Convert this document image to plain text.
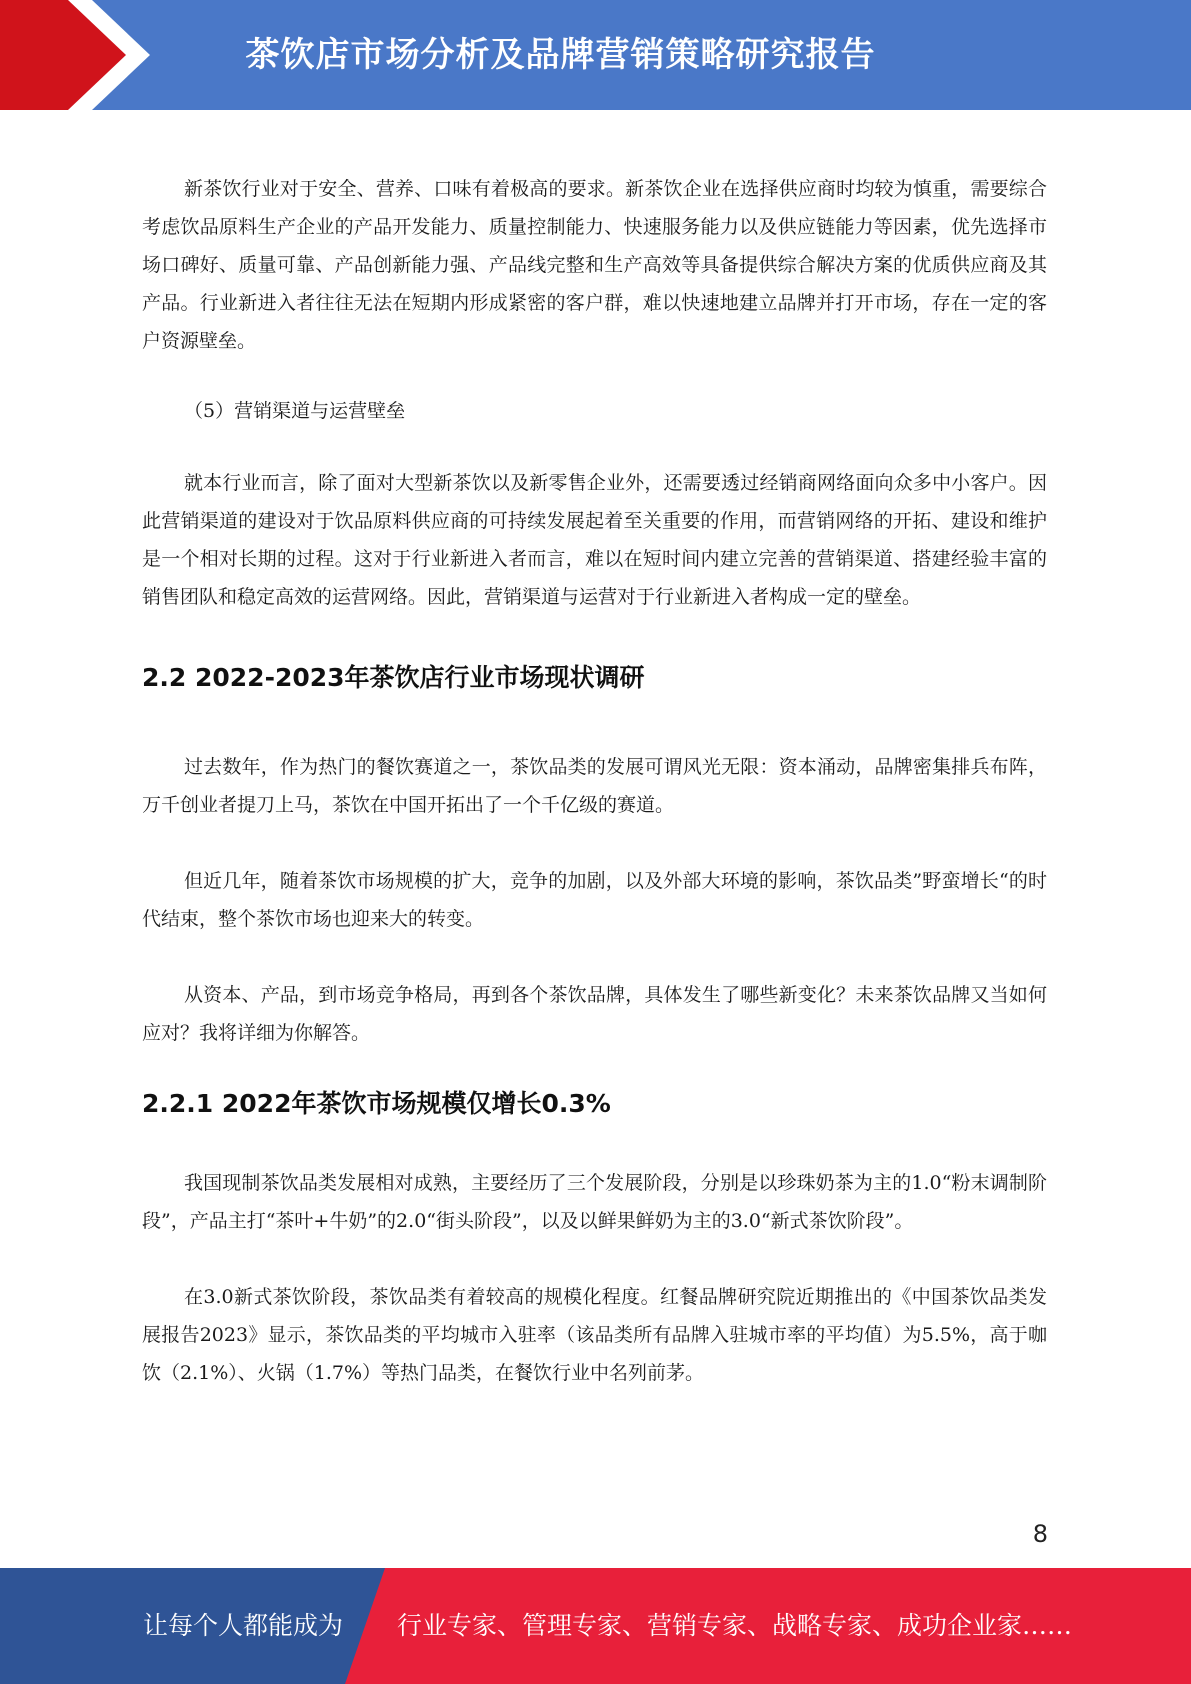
茶饮店市场分析及品牌营销策略研究报告

新茶饮行业对于安全、营养、口味有着极高的要求。新茶饮企业在选择供应商时均较为慎重，需要综合考虑饮品原料生产企业的产品开发能力、质量控制能力、快速服务能力以及供应链能力等因素，优先选择市场口碑好、质量可靠、产品创新能力强、产品线完整和生产高效等具备提供综合解决方案的优质供应商及其产品。行业新进入者往往无法在短期内形成紧密的客户群，难以快速地建立品牌并打开市场，存在一定的客户资源壁垒。

（5）营销渠道与运营壁垒

就本行业而言，除了面对大型新茶饮以及新零售企业外，还需要透过经销商网络面向众多中小客户。因此营销渠道的建设对于饮品原料供应商的可持续发展起着至关重要的作用，而营销网络的开拓、建设和维护是一个相对长期的过程。这对于行业新进入者而言，难以在短时间内建立完善的营销渠道、搭建经验丰富的销售团队和稳定高效的运营网络。因此，营销渠道与运营对于行业新进入者构成一定的壁垒。

2.2 2022-2023年茶饮店行业市场现状调研

过去数年，作为热门的餐饮赛道之一，茶饮品类的发展可谓风光无限：资本涌动，品牌密集排兵布阵，万千创业者提刀上马，茶饮在中国开拓出了一个千亿级的赛道。

但近几年，随着茶饮市场规模的扩大，竞争的加剧，以及外部大环境的影响，茶饮品类”野蛮增长“的时代结束，整个茶饮市场也迎来大的转变。

从资本、产品，到市场竞争格局，再到各个茶饮品牌，具体发生了哪些新变化？未来茶饮品牌又当如何应对？我将详细为你解答。

2.2.1 2022年茶饮市场规模仅增长0.3%

我国现制茶饮品类发展相对成熟，主要经历了三个发展阶段，分别是以珍珠奶茶为主的1.0“粉末调制阶段”，产品主打“茶叶+牛奶”的2.0“街头阶段”，以及以鲜果鲜奶为主的3.0“新式茶饮阶段”。

在3.0新式茶饮阶段，茶饮品类有着较高的规模化程度。红餐品牌研究院近期推出的《中国茶饮品类发展报告2023》显示，茶饮品类的平均城市入驻率（该品类所有品牌入驻城市率的平均值）为5.5%，高于咖饮（2.1%）、火锅（1.7%）等热门品类，在餐饮行业中名列前茅。

8
让每个人都能成为 行业专家、管理专家、营销专家、战略专家、成功企业家……
